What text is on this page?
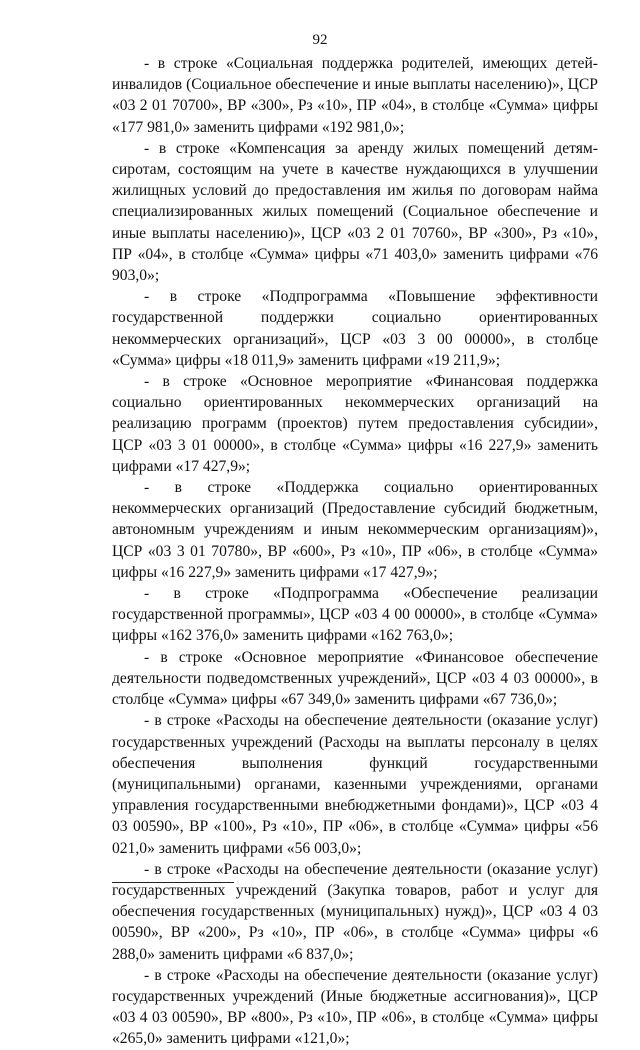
92

- в строке «Социальная поддержка родителей, имеющих детей-инвалидов (Социальное обеспечение и иные выплаты населению)», ЦСР «03 2 01 70700», ВР «300», Рз «10», ПР «04», в столбце «Сумма» цифры «177 981,0» заменить цифрами «192 981,0»;

- в строке «Компенсация за аренду жилых помещений детям-сиротам, состоящим на учете в качестве нуждающихся в улучшении жилищных условий до предоставления им жилья по договорам найма специализированных жилых помещений (Социальное обеспечение и иные выплаты населению)», ЦСР «03 2 01 70760», ВР «300», Рз «10», ПР «04», в столбце «Сумма» цифры «71 403,0» заменить цифрами «76 903,0»;

- в строке «Подпрограмма «Повышение эффективности государственной поддержки социально ориентированных некоммерческих организаций», ЦСР «03 3 00 00000», в столбце «Сумма» цифры «18 011,9» заменить цифрами «19 211,9»;

- в строке «Основное мероприятие «Финансовая поддержка социально ориентированных некоммерческих организаций на реализацию программ (проектов) путем предоставления субсидии», ЦСР «03 3 01 00000», в столбце «Сумма» цифры «16 227,9» заменить цифрами «17 427,9»;

- в строке «Поддержка социально ориентированных некоммерческих организаций (Предоставление субсидий бюджетным, автономным учреждениям и иным некоммерческим организациям)», ЦСР «03 3 01 70780», ВР «600», Рз «10», ПР «06», в столбце «Сумма» цифры «16 227,9» заменить цифрами «17 427,9»;

- в строке «Подпрограмма «Обеспечение реализации государственной программы», ЦСР «03 4 00 00000», в столбце «Сумма» цифры «162 376,0» заменить цифрами «162 763,0»;

- в строке «Основное мероприятие «Финансовое обеспечение деятельности подведомственных учреждений», ЦСР «03 4 03 00000», в столбце «Сумма» цифры «67 349,0» заменить цифрами «67 736,0»;

- в строке «Расходы на обеспечение деятельности (оказание услуг) государственных учреждений (Расходы на выплаты персоналу в целях обеспечения выполнения функций государственными (муниципальными) органами, казенными учреждениями, органами управления государственными внебюджетными фондами)», ЦСР «03 4 03 00590», ВР «100», Рз «10», ПР «06», в столбце «Сумма» цифры «56 021,0» заменить цифрами «56 003,0»;

- в строке «Расходы на обеспечение деятельности (оказание услуг) государственных учреждений (Закупка товаров, работ и услуг для обеспечения государственных (муниципальных) нужд)», ЦСР «03 4 03 00590», ВР «200», Рз «10», ПР «06», в столбце «Сумма» цифры «6 288,0» заменить цифрами «6 837,0»;

- в строке «Расходы на обеспечение деятельности (оказание услуг) государственных учреждений (Иные бюджетные ассигнования)», ЦСР «03 4 03 00590», ВР «800», Рз «10», ПР «06», в столбце «Сумма» цифры «265,0» заменить цифрами «121,0»;
